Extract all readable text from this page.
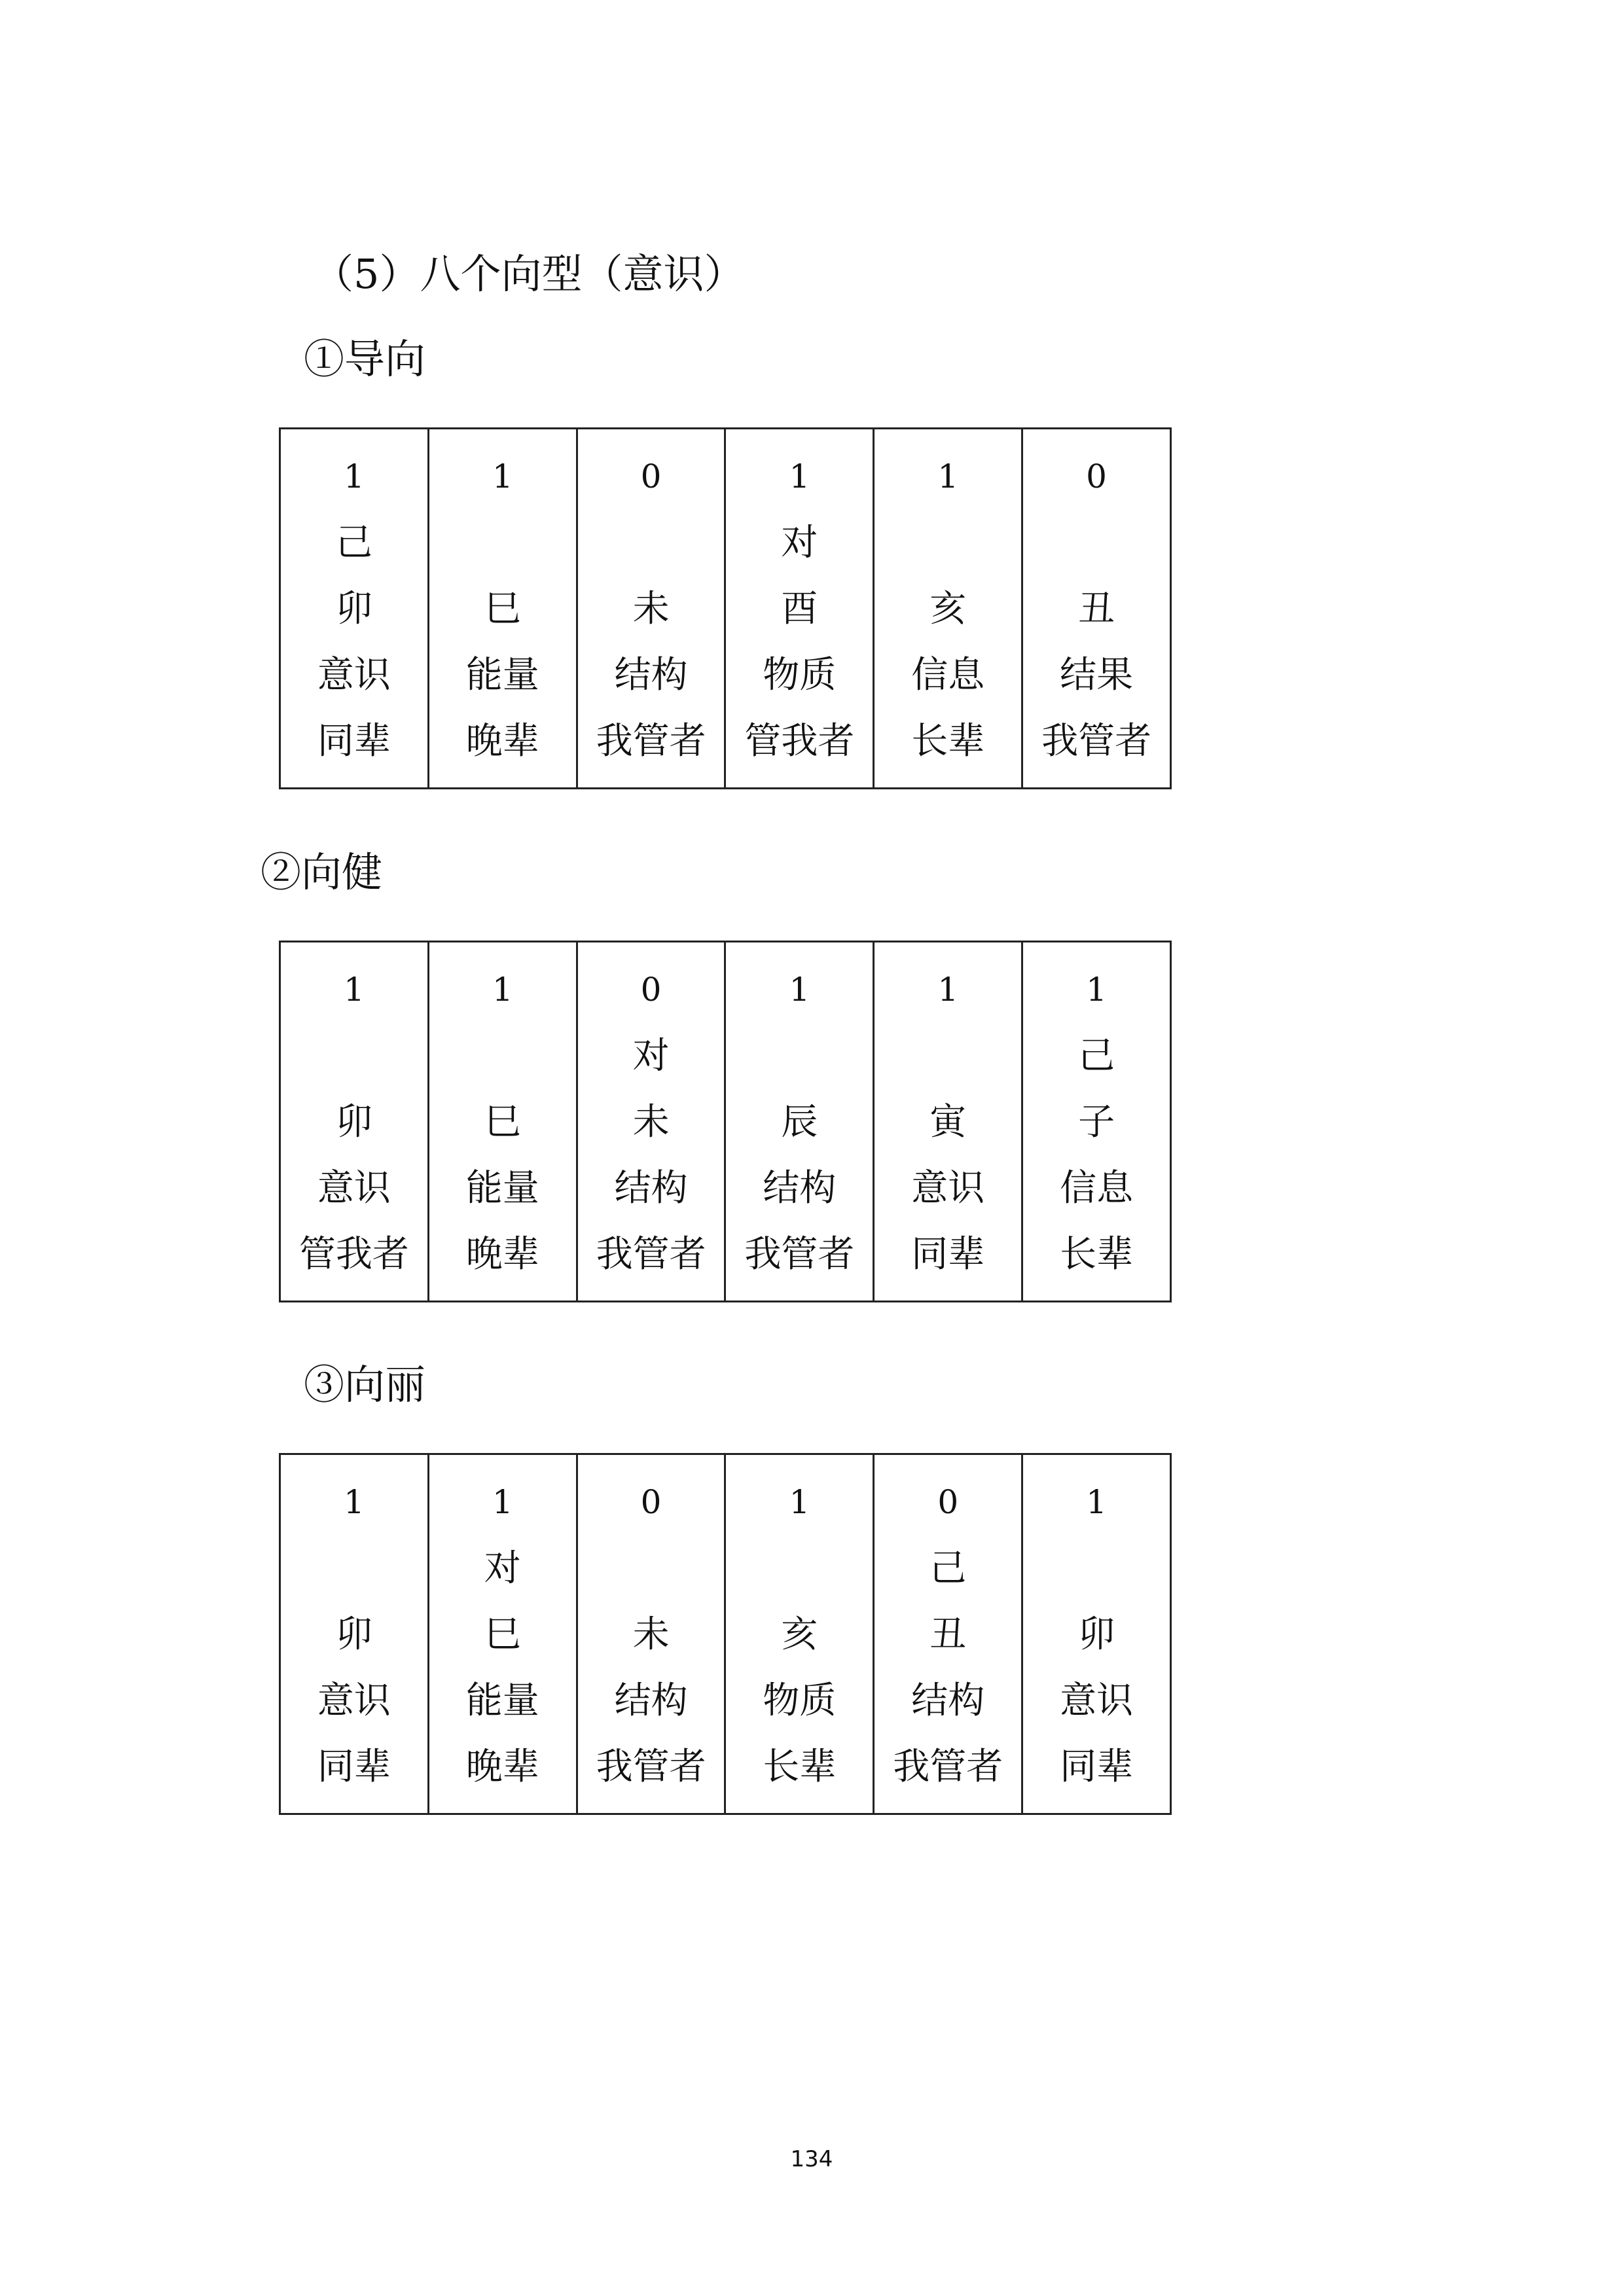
（5）八个向型（意识）
①导向
1
己
卯
意识
同辈

1
巳
能量
晚辈

0
未
结构
我管者

1
对
酉
物质
管我者

1
亥
信息
长辈

0
丑
结果
我管者
②向健
1
卯
意识
管我者

1
巳
能量
晚辈

0
对
未
结构
我管者

1
辰
结构
我管者

1
寅
意识
同辈

1
己
子
信息
长辈
③向丽
1
卯
意识
同辈

1
对
巳
能量
晚辈

0
未
结构
我管者

1
亥
物质
长辈

0
己
丑
结构
我管者

1
卯
意识
同辈
134
